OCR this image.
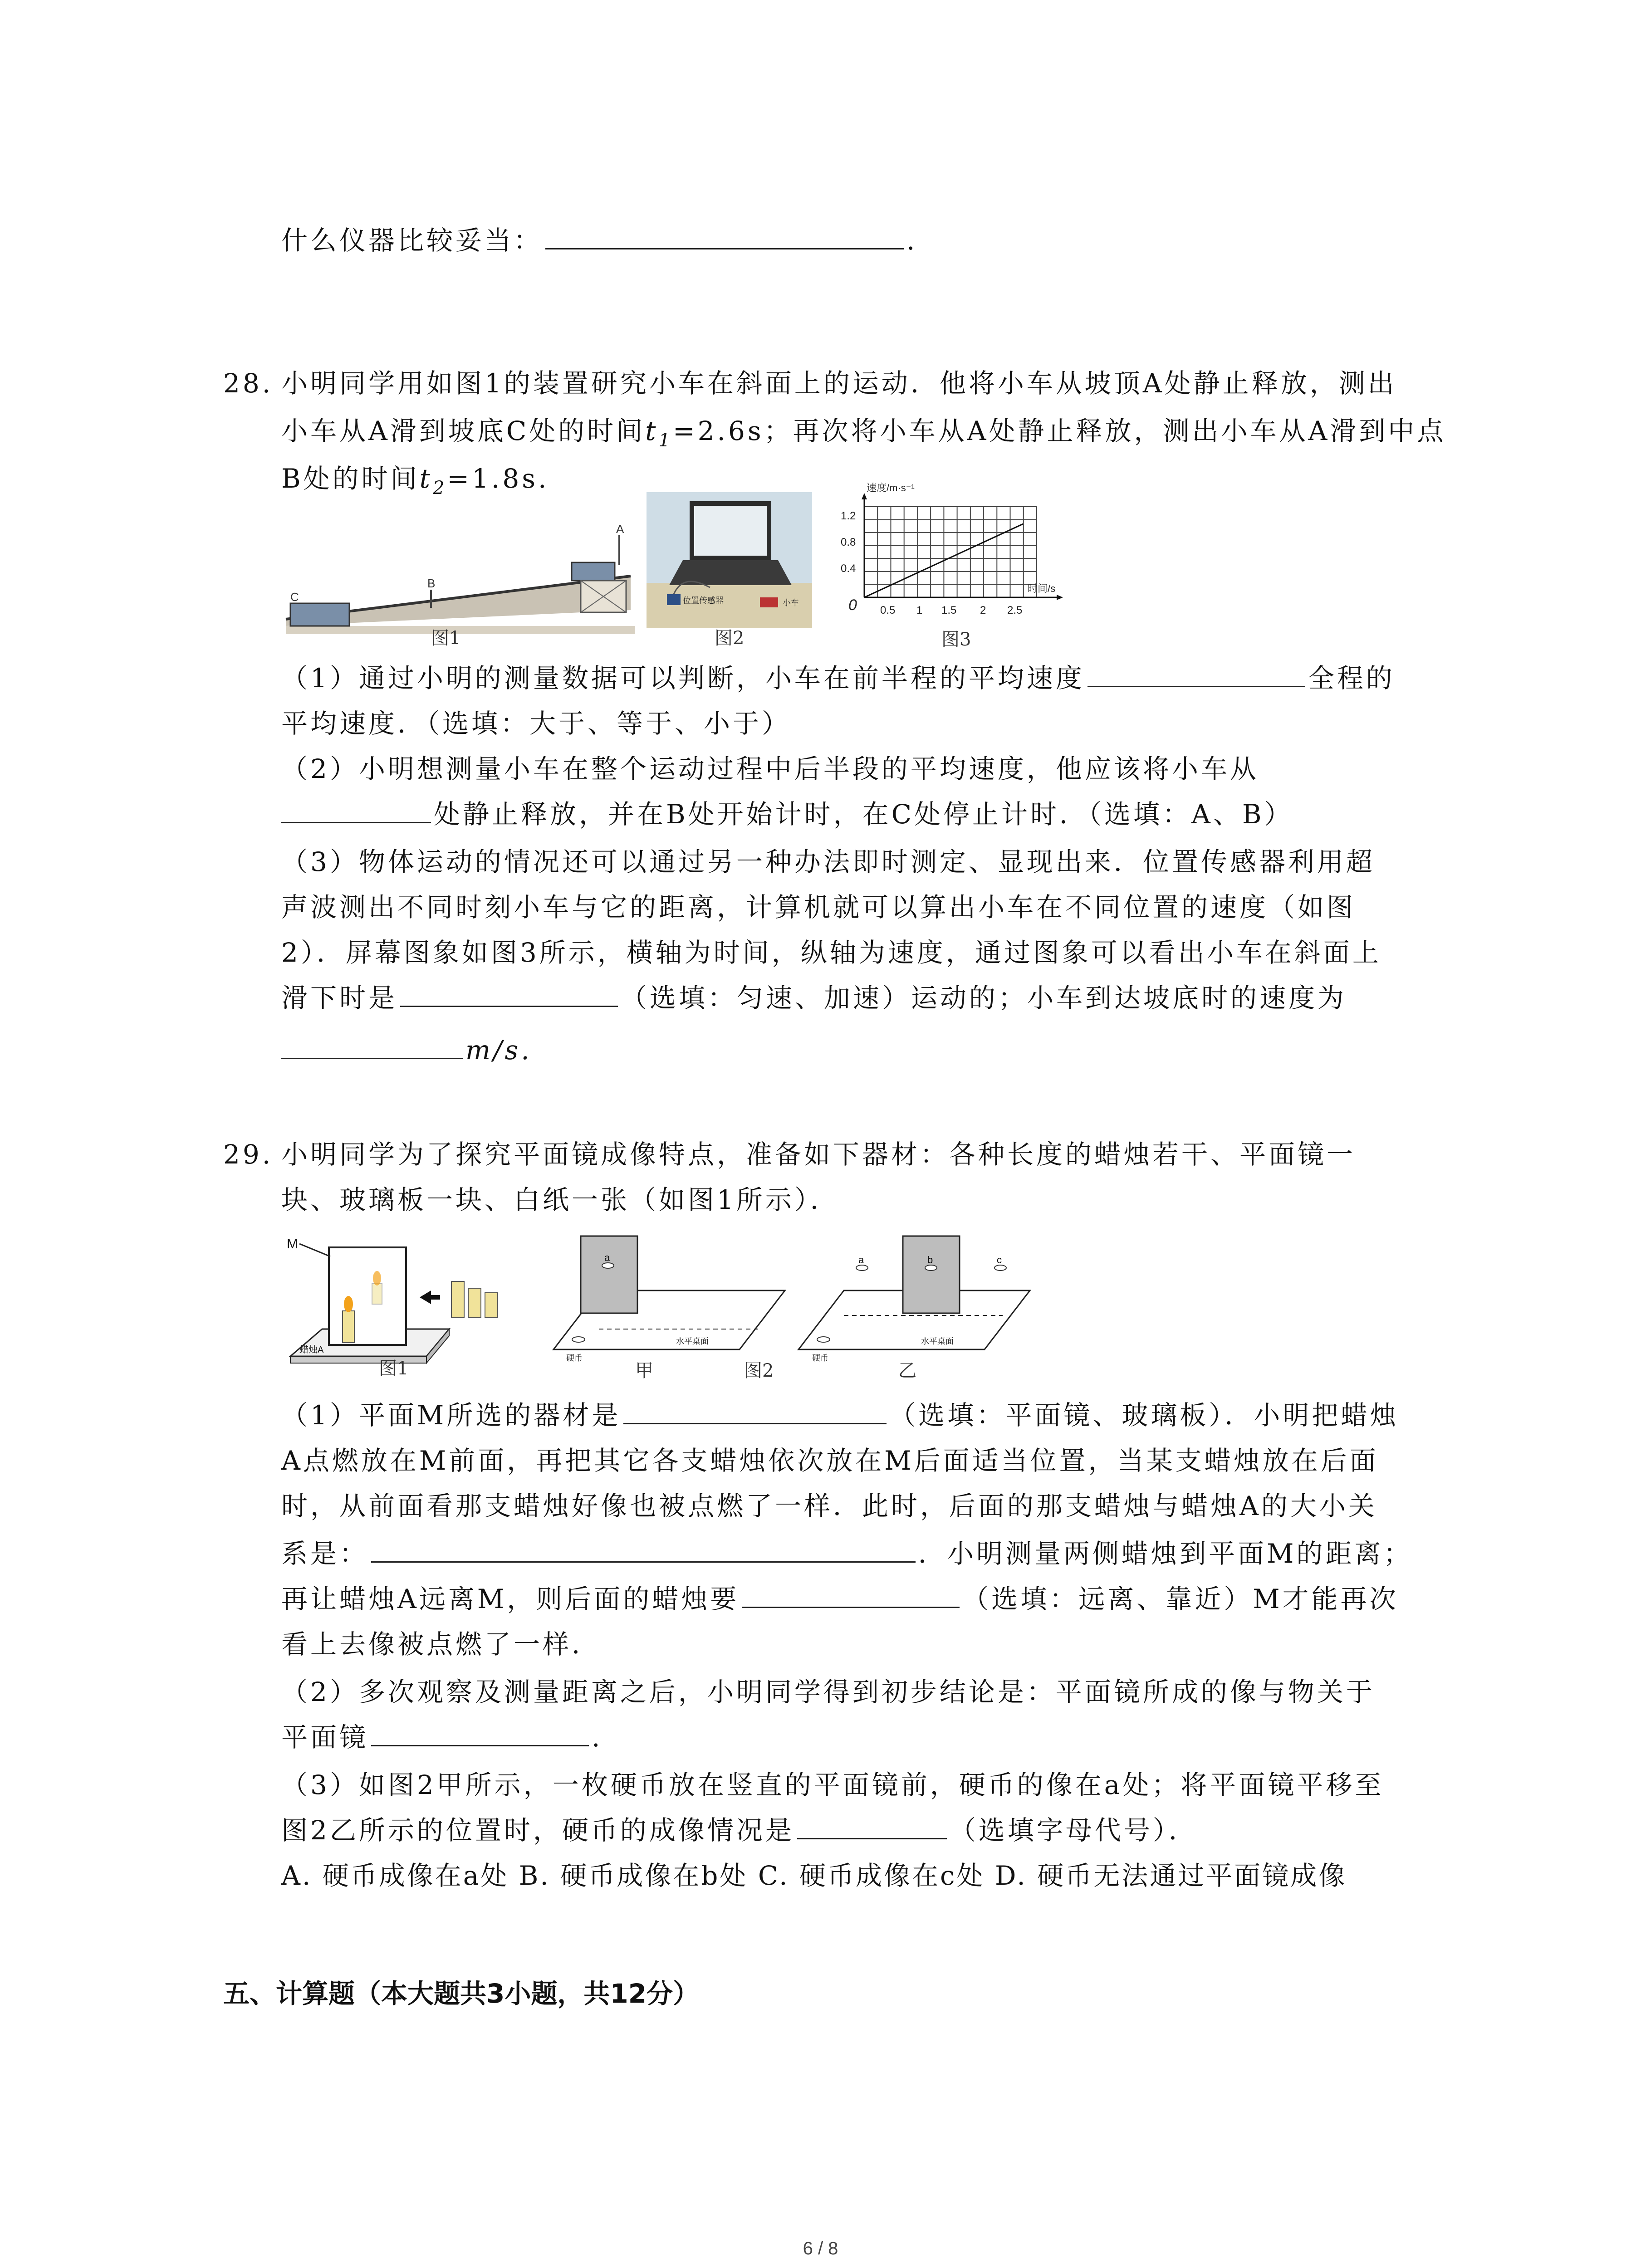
什么仪器比较妥当：	.
28. 小明同学用如图1的装置研究小车在斜面上的运动．他将小车从坡顶A处静止释放，测出
小车从A滑到坡底C处的时间$t_1=2.6s$；再次将小车从A处静止释放，测出小车从A滑到中点
B处的时间$t_2=1.8s$.
C
B
A
图1
位置传感器	小车
图2
速度/m·s⁻¹
时间/s
0
1.2
0.8
0.4
0.5 1 1.5 2 2.5
图3
（1）通过小明的测量数据可以判断，小车在前半程的平均速度	全程的
平均速度．（选填：大于、等于、小于）
（2）小明想测量小车在整个运动过程中后半段的平均速度，他应该将小车从
处静止释放，并在B处开始计时，在C处停止计时．（选填：A、B）
（3）物体运动的情况还可以通过另一种办法即时测定、显现出来．位置传感器利用超
声波测出不同时刻小车与它的距离，计算机就可以算出小车在不同位置的速度（如图
2）．屏幕图象如图3所示，横轴为时间，纵轴为速度，通过图象可以看出小车在斜面上
滑下时是	（选填：匀速、加速）运动的；小车到达坡底时的速度为
m/s.
29. 小明同学为了探究平面镜成像特点，准备如下器材：各种长度的蜡烛若干、平面镜一
块、玻璃板一块、白纸一张（如图1所示）．
M
蜡烛A
图1
a
硬币
水平桌面
甲	图2
a	b	c
硬币
水平桌面
乙
（1）平面M所选的器材是	（选填：平面镜、玻璃板）．小明把蜡烛
A点燃放在M前面，再把其它各支蜡烛依次放在M后面适当位置，当某支蜡烛放在后面
时，从前面看那支蜡烛好像也被点燃了一样．此时，后面的那支蜡烛与蜡烛A的大小关
系是：	．小明测量两侧蜡烛到平面M的距离；
再让蜡烛A远离M，则后面的蜡烛要	（选填：远离、靠近）M才能再次
看上去像被点燃了一样．
（2）多次观察及测量距离之后，小明同学得到初步结论是：平面镜所成的像与物关于
平面镜	.
（3）如图2甲所示，一枚硬币放在竖直的平面镜前，硬币的像在a处；将平面镜平移至
图2乙所示的位置时，硬币的成像情况是	（选填字母代号）．
A. 硬币成像在a处 B. 硬币成像在b处 C. 硬币成像在c处 D. 硬币无法通过平面镜成像
五、计算题（本大题共3小题，共12分）
6 / 8
